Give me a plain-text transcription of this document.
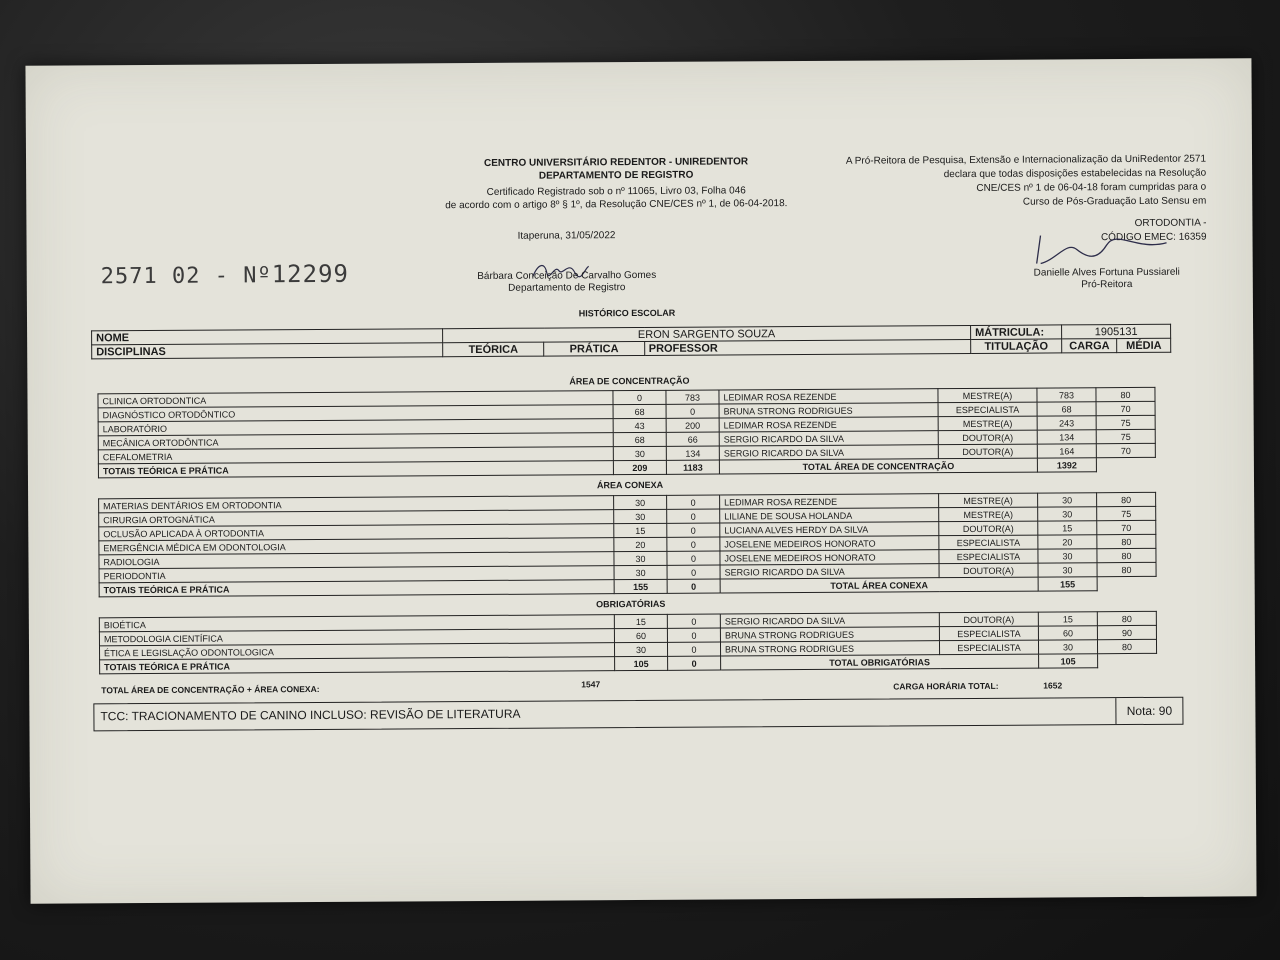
CENTRO UNIVERSITÁRIO REDENTOR - UNIREDENTOR
DEPARTAMENTO DE REGISTRO
Certificado Registrado sob o nº 11065, Livro 03, Folha 046
de acordo com o artigo 8º § 1º, da Resolução CNE/CES nº 1, de 06-04-2018.
Itaperuna, 31/05/2022
2571 02 - Nº12299	Bárbara Conceição De Carvalho Gomes
Departamento de Registro
A Pró-Reitora de Pesquisa, Extensão e Internacionalização da UniRedentor 2571
declara que todas disposições estabelecidas na Resolução
CNE/CES nº 1 de 06-04-18 foram cumpridas para o
Curso de Pós-Graduação Lato Sensu em
ORTODONTIA -
CÓDIGO EMEC: 16359
Danielle Alves Fortuna Pussiareli
Pró-Reitora
HISTÓRICO ESCOLAR
NOME	ERON SARGENTO SOUZA			MÁTRICULA:	1905131	
DISCIPLINAS	TEÓRICA	PRÁTICA	PROFESSOR	TITULAÇÃO	CARGA	MÉDIA
ÁREA DE CONCENTRAÇÃO
CLINICA ORTODONTICA	0	783	LEDIMAR ROSA REZENDE	MESTRE(A)	783	80
DIAGNÓSTICO ORTODÔNTICO	68	0	BRUNA STRONG RODRIGUES	ESPECIALISTA	68	70
LABORATÓRIO	43	200	LEDIMAR ROSA REZENDE	MESTRE(A)	243	75
MECÂNICA ORTODÔNTICA	68	66	SERGIO RICARDO DA SILVA	DOUTOR(A)	134	75
CEFALOMETRIA	30	134	SERGIO RICARDO DA SILVA	DOUTOR(A)	164	70
TOTAIS TEÓRICA E PRÁTICA	209	1183	TOTAL ÁREA DE CONCENTRAÇÃO		1392	
ÁREA CONEXA
MATERIAS DENTÁRIOS EM ORTODONTIA	30	0	LEDIMAR ROSA REZENDE	MESTRE(A)	30	80
CIRURGIA ORTOGNÁTICA	30	0	LILIANE DE SOUSA HOLANDA	MESTRE(A)	30	75
OCLUSÃO APLICADA À ORTODONTIA	15	0	LUCIANA ALVES HERDY DA SILVA	DOUTOR(A)	15	70
EMERGÊNCIA MÉDICA EM ODONTOLOGIA	20	0	JOSELENE MEDEIROS HONORATO	ESPECIALISTA	20	80
RADIOLOGIA	30	0	JOSELENE MEDEIROS HONORATO	ESPECIALISTA	30	80
PERIODONTIA	30	0	SERGIO RICARDO DA SILVA	DOUTOR(A)	30	80
TOTAIS TEÓRICA E PRÁTICA	155	0	TOTAL ÁREA CONEXA		155	
OBRIGATÓRIAS
BIOÉTICA	15	0	SERGIO RICARDO DA SILVA	DOUTOR(A)	15	80
METODOLOGIA CIENTÍFICA	60	0	BRUNA STRONG RODRIGUES	ESPECIALISTA	60	90
ÉTICA E LEGISLAÇÃO ODONTOLOGICA	30	0	BRUNA STRONG RODRIGUES	ESPECIALISTA	30	80
TOTAIS TEÓRICA E PRÁTICA	105	0	TOTAL OBRIGATÓRIAS		105	
TOTAL ÁREA DE CONCENTRAÇÃO + ÁREA CONEXA:	1547	CARGA HORÁRIA TOTAL:	1652
TCC: TRACIONAMENTO DE CANINO INCLUSO: REVISÃO DE LITERATURA	Nota: 90
